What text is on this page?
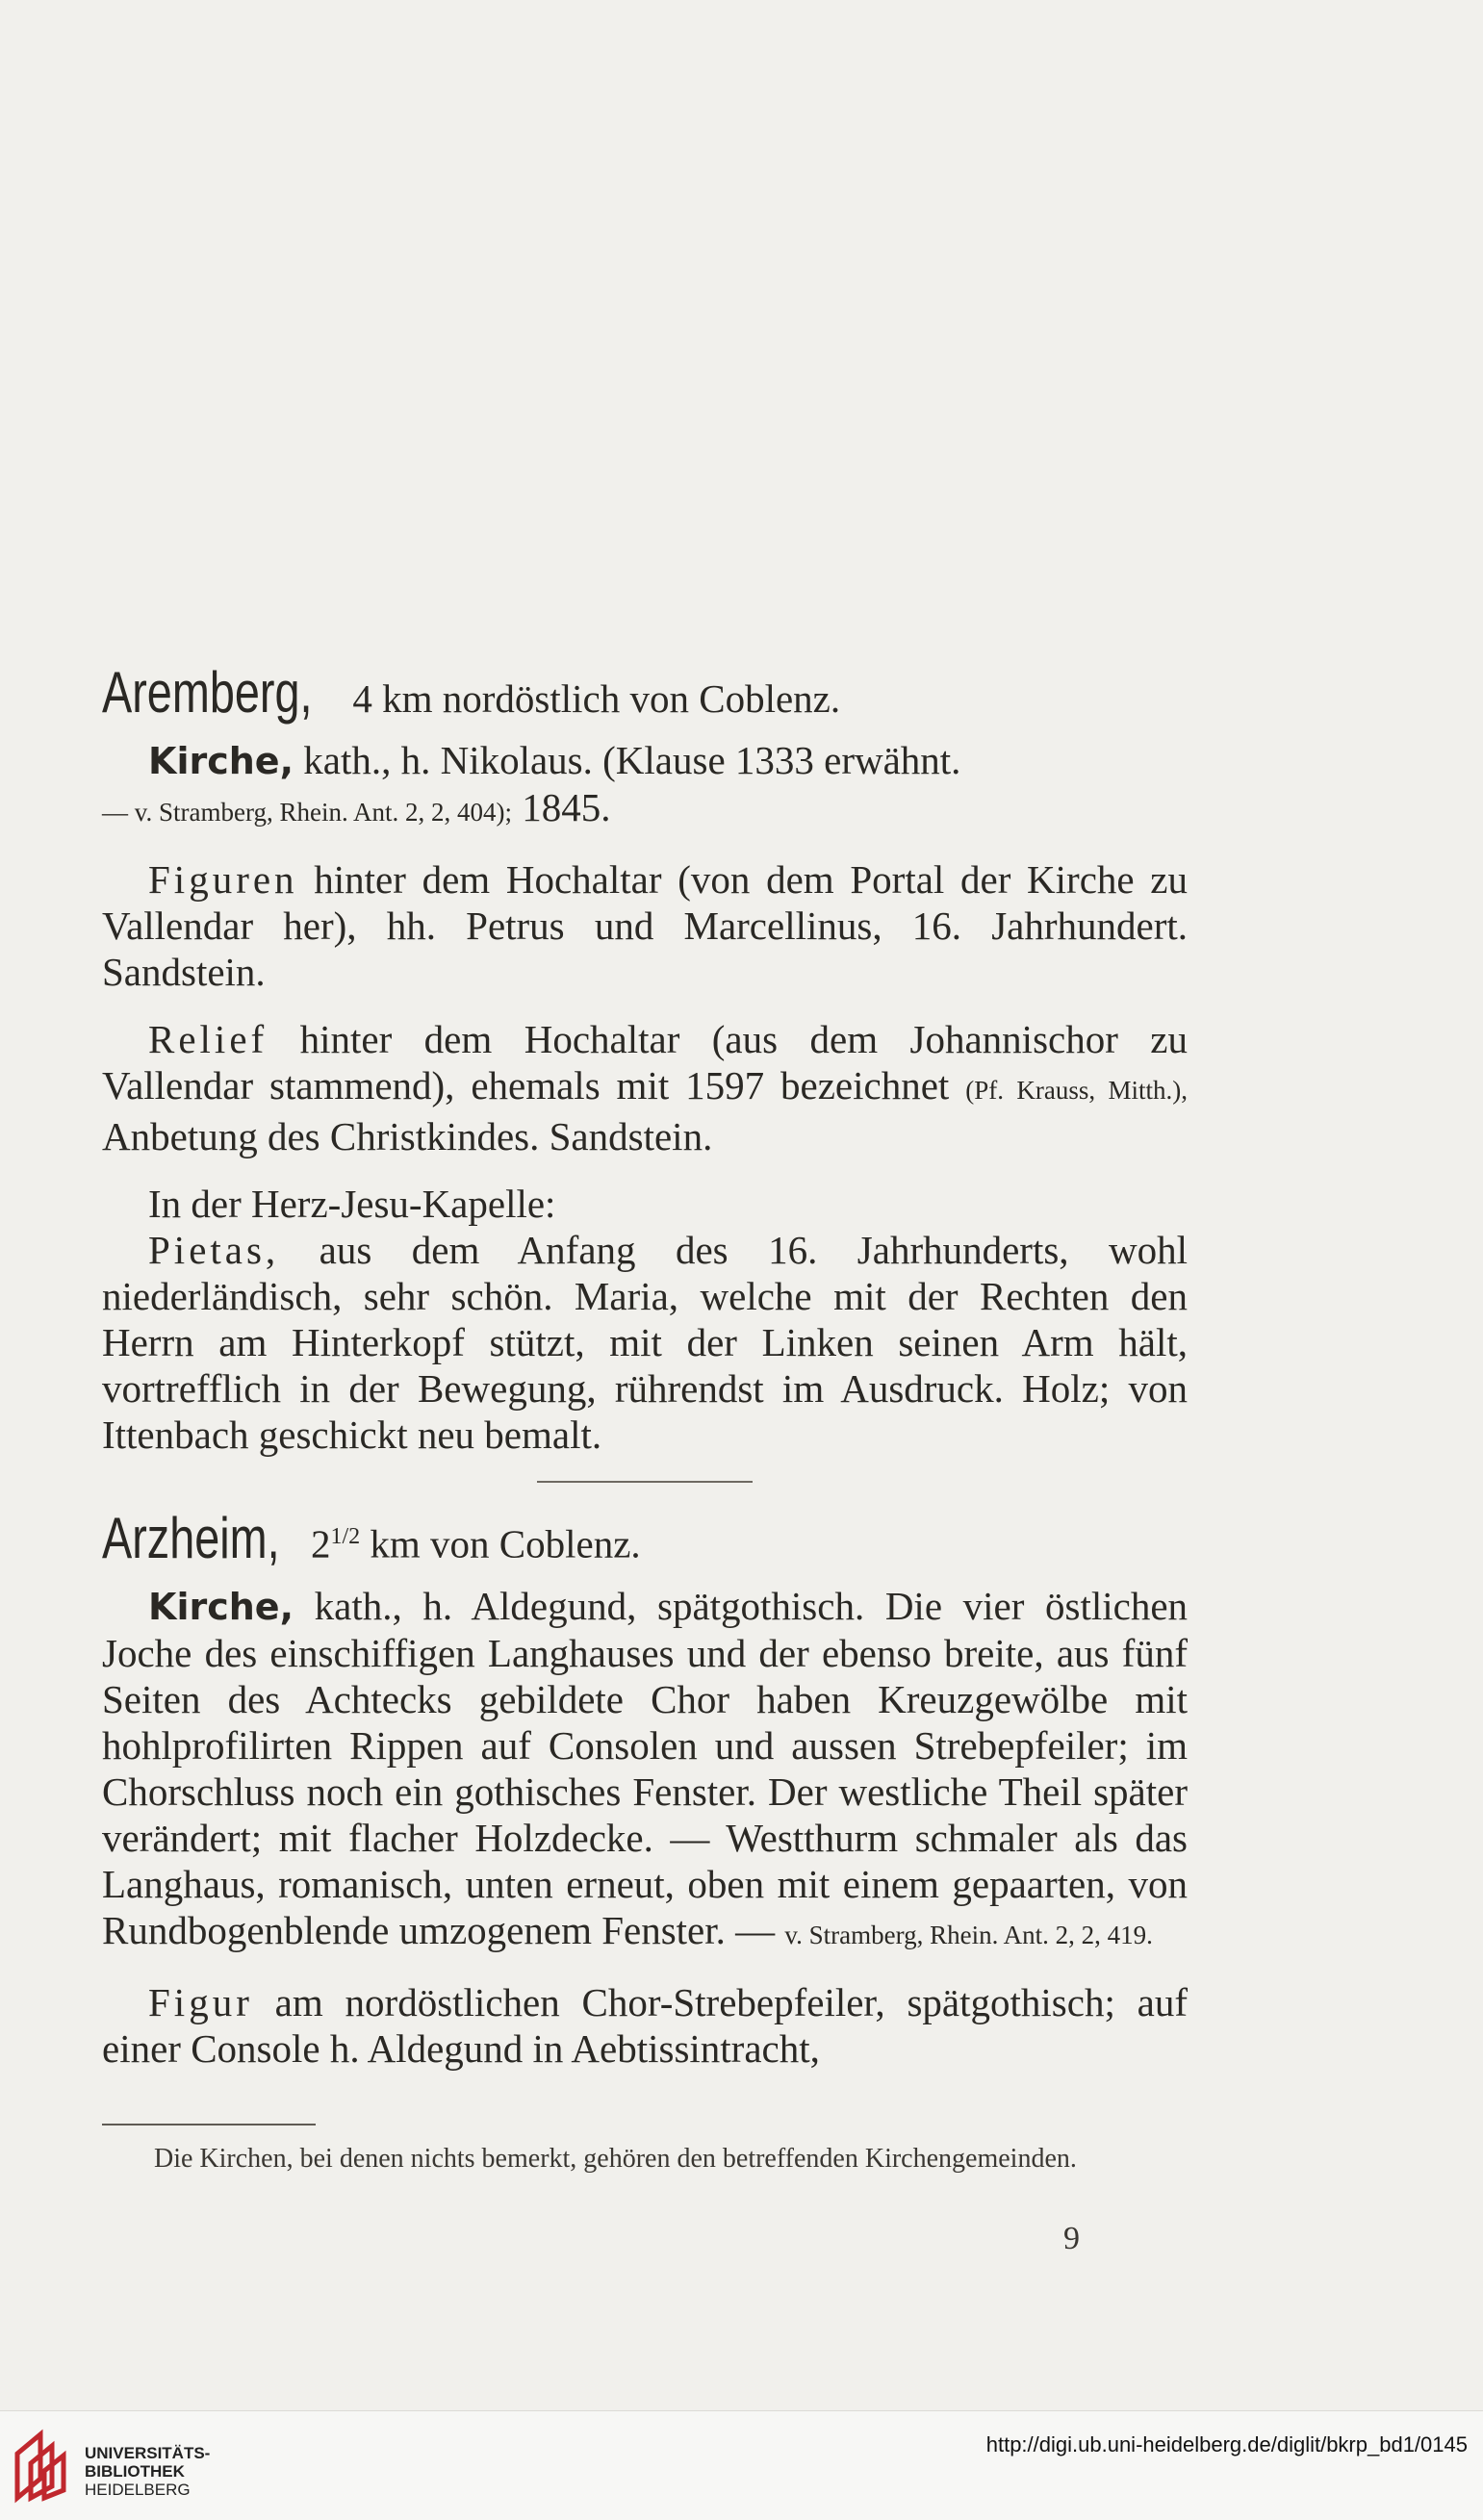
Aremberg, 4 km nordöstlich von Coblenz.

Kirche, kath., h. Nikolaus. (Klause 1333 erwähnt.

— v. Stramberg, Rhein. Ant. 2, 2, 404); 1845.

Figuren hinter dem Hochaltar (von dem Portal der Kirche zu Vallendar her), hh. Petrus und Marcellinus, 16. Jahrhundert. Sandstein.

Relief hinter dem Hochaltar (aus dem Johannischor zu Vallendar stammend), ehemals mit 1597 bezeichnet (Pf. Krauss, Mitth.), Anbetung des Christkindes. Sandstein.

In der Herz-Jesu-Kapelle:

Pietas, aus dem Anfang des 16. Jahrhunderts, wohl niederländisch, sehr schön. Maria, welche mit der Rechten den Herrn am Hinterkopf stützt, mit der Linken seinen Arm hält, vortrefflich in der Bewegung, rührendst im Ausdruck. Holz; von Ittenbach geschickt neu bemalt.

Arzheim, $2^{1/2}$ km von Coblenz.

Kirche, kath., h. Aldegund, spätgothisch. Die vier östlichen Joche des einschiffigen Langhauses und der ebenso breite, aus fünf Seiten des Achtecks gebildete Chor haben Kreuzgewölbe mit hohlprofilirten Rippen auf Consolen und aussen Strebepfeiler; im Chorschluss noch ein gothisches Fenster. Der westliche Theil später verändert; mit flacher Holzdecke. — Westthurm schmaler als das Langhaus, romanisch, unten erneut, oben mit einem gepaarten, von Rundbogenblende umzogenem Fenster. — v. Stramberg, Rhein. Ant. 2, 2, 419.

Figur am nordöstlichen Chor-Strebepfeiler, spätgothisch; auf einer Console h. Aldegund in Aebtissintracht,

Die Kirchen, bei denen nichts bemerkt, gehören den betreffenden Kirchengemeinden.
9
UNIVERSITÄTS-
BIBLIOTHEK
HEIDELBERG
http://digi.ub.uni-heidelberg.de/diglit/bkrp_bd1/0145
